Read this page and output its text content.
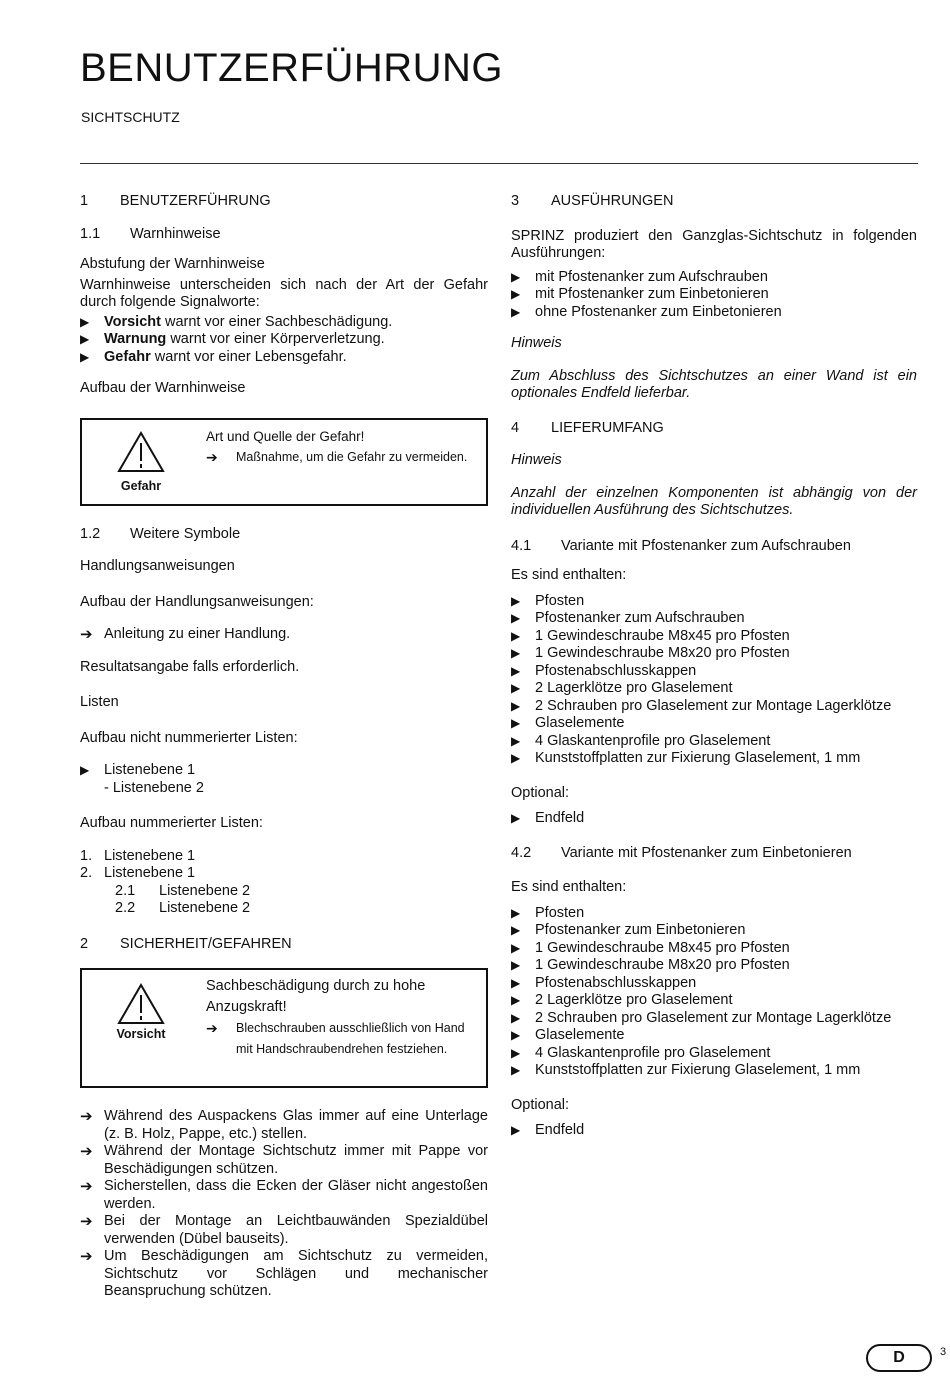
BENUTZERFÜHRUNG
SICHTSCHUTZ
1	BENUTZERFÜHRUNG
1.1	Warnhinweise

Abstufung der Warnhinweise

Warnhinweise unterscheiden sich nach der Art der Gefahr durch folgende Signalworte:

▶ Vorsicht warnt vor einer Sachbeschädigung.
▶ Warnung warnt vor einer Körperverletzung.
▶ Gefahr warnt vor einer Lebensgefahr.

Aufbau der Warnhinweise

Gefahr
Art und Quelle der Gefahr!
➔ Maßnahme, um die Gefahr zu vermeiden.
1.2	Weitere Symbole

Handlungsanweisungen

Aufbau der Handlungsanweisungen:

➔ Anleitung zu einer Handlung.

Resultatsangabe falls erforderlich.

Listen

Aufbau nicht nummerierter Listen:

▶ Listenebene 1
- Listenebene 2

Aufbau nummerierter Listen:

1. Listenebene 1
2. Listenebene 1
2.1 Listenebene 2
2.2 Listenebene 2
2	SICHERHEIT/GEFAHREN
Vorsicht
Sachbeschädigung durch zu hohe Anzugskraft!
➔ Blechschrauben ausschließlich von Hand mit Handschraubendrehen festziehen.
➔ Während des Auspackens Glas immer auf eine Unterlage (z. B. Holz, Pappe, etc.) stellen.
➔ Während der Montage Sichtschutz immer mit Pappe vor Beschädigungen schützen.
➔ Sicherstellen, dass die Ecken der Gläser nicht angestoßen werden.
➔ Bei der Montage an Leichtbauwänden Spezialdübel verwenden (Dübel bauseits).
➔ Um Beschädigungen am Sichtschutz zu vermeiden, Sichtschutz vor Schlägen und mechanischer Beanspruchung schützen.
3	AUSFÜHRUNGEN

SPRINZ produziert den Ganzglas-Sichtschutz in folgenden Ausführungen:

▶ mit Pfostenanker zum Aufschrauben
▶ mit Pfostenanker zum Einbetonieren
▶ ohne Pfostenanker zum Einbetonieren

Hinweis

Zum Abschluss des Sichtschutzes an einer Wand ist ein optionales Endfeld lieferbar.

4	LIEFERUMFANG

Hinweis

Anzahl der einzelnen Komponenten ist abhängig von der individuellen Ausführung des Sichtschutzes.

4.1	Variante mit Pfostenanker zum Aufschrauben

Es sind enthalten:

▶ Pfosten
▶ Pfostenanker zum Aufschrauben
▶ 1 Gewindeschraube M8x45 pro Pfosten
▶ 1 Gewindeschraube M8x20 pro Pfosten
▶ Pfostenabschlusskappen
▶ 2 Lagerklötze pro Glaselement
▶ 2 Schrauben pro Glaselement zur Montage Lagerklötze
▶ Glaselemente
▶ 4 Glaskantenprofile pro Glaselement
▶ Kunststoffplatten zur Fixierung Glaselement, 1 mm

Optional:

▶ Endfeld
4.2	Variante mit Pfostenanker zum Einbetonieren

Es sind enthalten:

▶ Pfosten
▶ Pfostenanker zum Einbetonieren
▶ 1 Gewindeschraube M8x45 pro Pfosten
▶ 1 Gewindeschraube M8x20 pro Pfosten
▶ Pfostenabschlusskappen
▶ 2 Lagerklötze pro Glaselement
▶ 2 Schrauben pro Glaselement zur Montage Lagerklötze
▶ Glaselemente
▶ 4 Glaskantenprofile pro Glaselement
▶ Kunststoffplatten zur Fixierung Glaselement, 1 mm

Optional:

▶ Endfeld
D	3
